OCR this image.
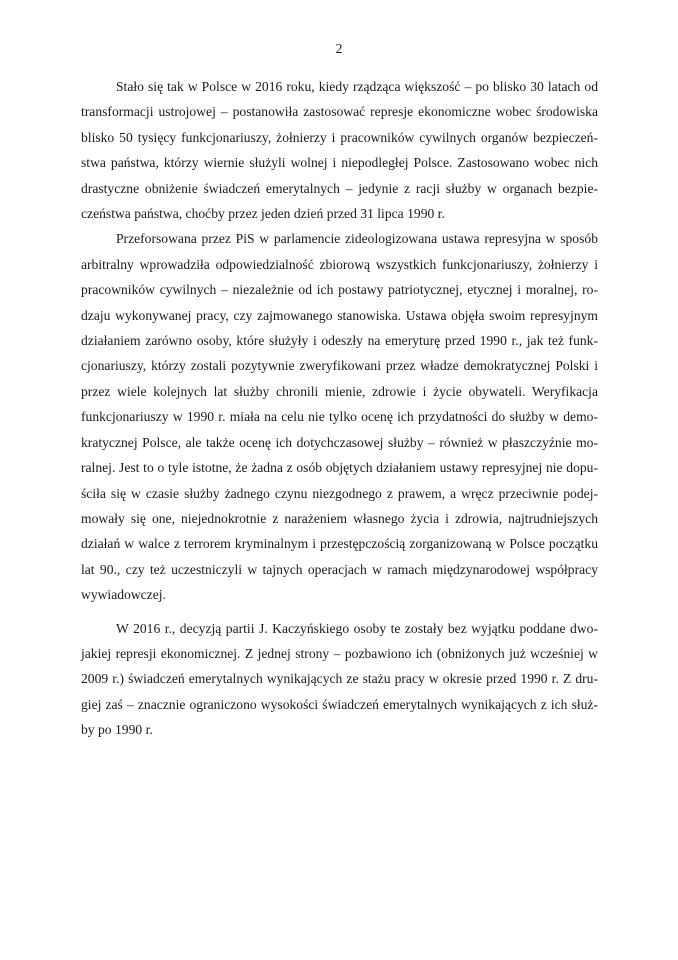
2

Stało się tak w Polsce w 2016 roku, kiedy rządząca większość – po blisko 30 latach od
transformacji ustrojowej – postanowiła zastosować represje ekonomiczne wobec środowiska
blisko 50 tysięcy funkcjonariuszy, żołnierzy i pracowników cywilnych organów bezpieczeń-
stwa państwa, którzy wiernie służyli wolnej i niepodległej Polsce. Zastosowano wobec nich
drastyczne obniżenie świadczeń emerytalnych – jedynie z racji służby w organach bezpie-
czeństwa państwa, choćby przez jeden dzień przed 31 lipca 1990 r.

Przeforsowana przez PiS w parlamencie zideologizowana ustawa represyjna w sposób
arbitralny wprowadziła odpowiedzialność zbiorową wszystkich funkcjonariuszy, żołnierzy i
pracowników cywilnych – niezależnie od ich postawy patriotycznej, etycznej i moralnej, ro-
dzaju wykonywanej pracy, czy zajmowanego stanowiska. Ustawa objęła swoim represyjnym
działaniem zarówno osoby, które służyły i odeszły na emeryturę przed 1990 r., jak też funk-
cjonariuszy, którzy zostali pozytywnie zweryfikowani przez władze demokratycznej Polski i
przez wiele kolejnych lat służby chronili mienie, zdrowie i życie obywateli. Weryfikacja
funkcjonariuszy w 1990 r. miała na celu nie tylko ocenę ich przydatności do służby w demo-
kratycznej Polsce, ale także ocenę ich dotychczasowej służby – również w płaszczyźnie mo-
ralnej. Jest to o tyle istotne, że żadna z osób objętych działaniem ustawy represyjnej nie dopu-
ściła się w czasie służby żadnego czynu niezgodnego z prawem, a wręcz przeciwnie podej-
mowały się one, niejednokrotnie z narażeniem własnego życia i zdrowia, najtrudniejszych
działań w walce z terrorem kryminalnym i przestępczością zorganizowaną w Polsce początku
lat 90., czy też uczestniczyli w tajnych operacjach w ramach międzynarodowej współpracy
wywiadowczej.

W 2016 r., decyzją partii J. Kaczyńskiego osoby te zostały bez wyjątku poddane dwo-
jakiej represji ekonomicznej. Z jednej strony – pozbawiono ich (obniżonych już wcześniej w
2009 r.) świadczeń emerytalnych wynikających ze stażu pracy w okresie przed 1990 r. Z dru-
giej zaś – znacznie ograniczono wysokości świadczeń emerytalnych wynikających z ich służ-
by po 1990 r.
